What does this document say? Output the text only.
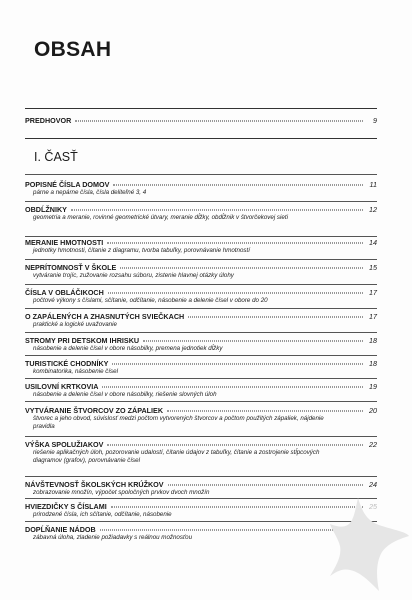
OBSAH
PREDHOVOR	9
I. ČASŤ
POPISNÉ ČÍSLA DOMOV	11
párne a nepárne čísla, čísla deliteľné 3, 4
OBDĹŽNIKY	12
geometria a meranie, rovinné geometrické útvary, meranie dĺžky, obdĺžnik v štvorčekovej sieti
MERANIE HMOTNOSTI	14
jednotky hmotnosti, čítanie z diagramu, tvorba tabuľky, porovnávanie hmotností
NEPRÍTOMNOSŤ V ŠKOLE	15
vytváranie trojíc, zužovanie rozsahu súboru, zistenie hlavnej otázky úlohy
ČÍSLA V OBLÁČIKOCH	17
počtové výkony s číslami, sčítanie, odčítanie, násobenie a delenie čísel v obore do 20
O ZAPÁLENÝCH A ZHASNUTÝCH SVIEČKACH	17
praktické a logické uvažovanie
STROMY PRI DETSKOM IHRISKU	18
násobenie a delenie čísel v obore násobilky, premena jednotiek dĺžky
TURISTICKÉ CHODNÍKY	18
kombinatorika, násobenie čísel
USILOVNÍ KRTKOVIA	19
násobenie a delenie čísel v obore násobilky, riešenie slovných úloh
VYTVÁRANIE ŠTVORCOV ZO ZÁPALIEK	20
štvorec a jeho obvod, súvislosť medzi počtom vytvorených štvorcov a počtom použitých zápaliek, nájdenie pravidla
VÝŠKA SPOLUŽIAKOV	22
riešenie aplikačných úloh, pozorovanie udalostí, čítanie údajov z tabuľky, čítanie a zostrojenie stĺpcových diagramov (grafov), porovnávanie čísel
NÁVŠTEVNOSŤ ŠKOLSKÝCH KRÚŽKOV	24
zobrazovanie množín, výpočet spoločných prvkov dvoch množín
HVIEZDIČKY S ČÍSLAMI	25
prirodzené čísla, ich sčítanie, odčítanie, násobenie
DOPĹŇANIE NÁDOB
zábavná úloha, zladenie požiadavky s reálnou možnosťou
